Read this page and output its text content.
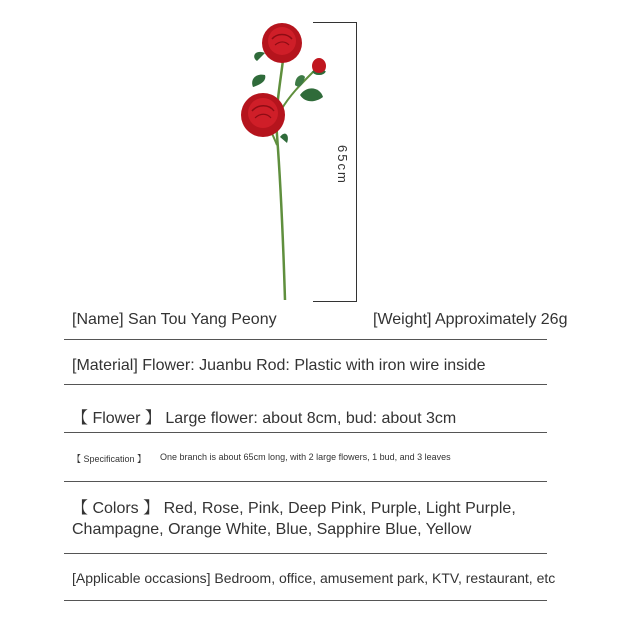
65cm
[Name] San Tou Yang Peony	[Weight] Approximately 26g
[Material] Flower: Juanbu Rod: Plastic with iron wire inside
【 Flower 】 Large flower: about 8cm, bud: about 3cm
【 Specification 】 One branch is about 65cm long, with 2 large flowers, 1 bud, and 3 leaves
【 Colors 】 Red, Rose, Pink, Deep Pink, Purple, Light Purple,
Champagne, Orange White, Blue, Sapphire Blue, Yellow
[Applicable occasions] Bedroom, office, amusement park, KTV, restaurant, etc
